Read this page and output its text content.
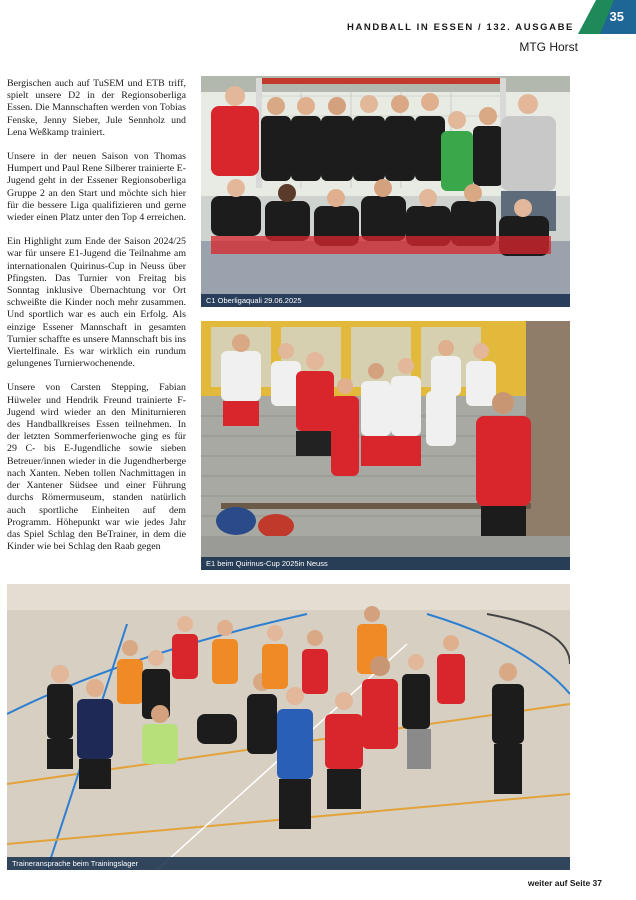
HANDBALL IN ESSEN / 132. AUSGABE
35
MTG Horst

Bergischen auch auf TuSEM und ETB triff, spielt unsere D2 in der Regionsoberliga Essen. Die Mannschaften werden von Tobias Fenske, Jenny Sieber, Jule Sennholz und Lena Weßkamp trainiert.

Unsere in der neuen Saison von Thomas Humpert und Paul Rene Silberer trainierte E-Jugend geht in der Essener Regionsoberliga Gruppe 2 an den Start und möchte sich hier für die bessere Liga qualifizieren und gerne wieder einen Platz unter den Top 4 erreichen.

Ein Highlight zum Ende der Saison 2024/25 war für unsere E1-Jugend die Teilnahme am internationalen Quirinus-Cup in Neuss über Pfingsten. Das Turnier von Freitag bis Sonntag inklusive Übernachtung vor Ort schweißte die Kinder noch mehr zusammen. Und sportlich war es auch ein Erfolg. Als einzige Essener Mannschaft in gesamten Turnier schaffte es unsere Mannschaft bis ins Viertelfinale. Es war wirklich ein rundum gelungenes Turnierwochenende.

Unsere von Carsten Stepping, Fabian Hüweler und Hendrik Freund trainierte F-Jugend wird wieder an den Miniturnieren des Handballkreises Essen teilnehmen. In der letzten Sommerferienwoche ging es für 29 C- bis E-Jugendliche sowie sieben Betreuer/innen wieder in die Jugendherberge nach Xanten. Neben tollen Nachmittagen in der Xantener Südsee und einer Führung durchs Römermuseum, standen natürlich auch sportliche Einheiten auf dem Programm. Höhepunkt war wie jedes Jahr das Spiel Schlag den BeTrainer, in dem die Kinder wie bei Schlag den Raab gegen

C1 Oberligaquali 29.06.2025
E1 beim Quirinus-Cup 2025in Neuss
Traineransprache beim Trainingslager
weiter auf Seite 37
